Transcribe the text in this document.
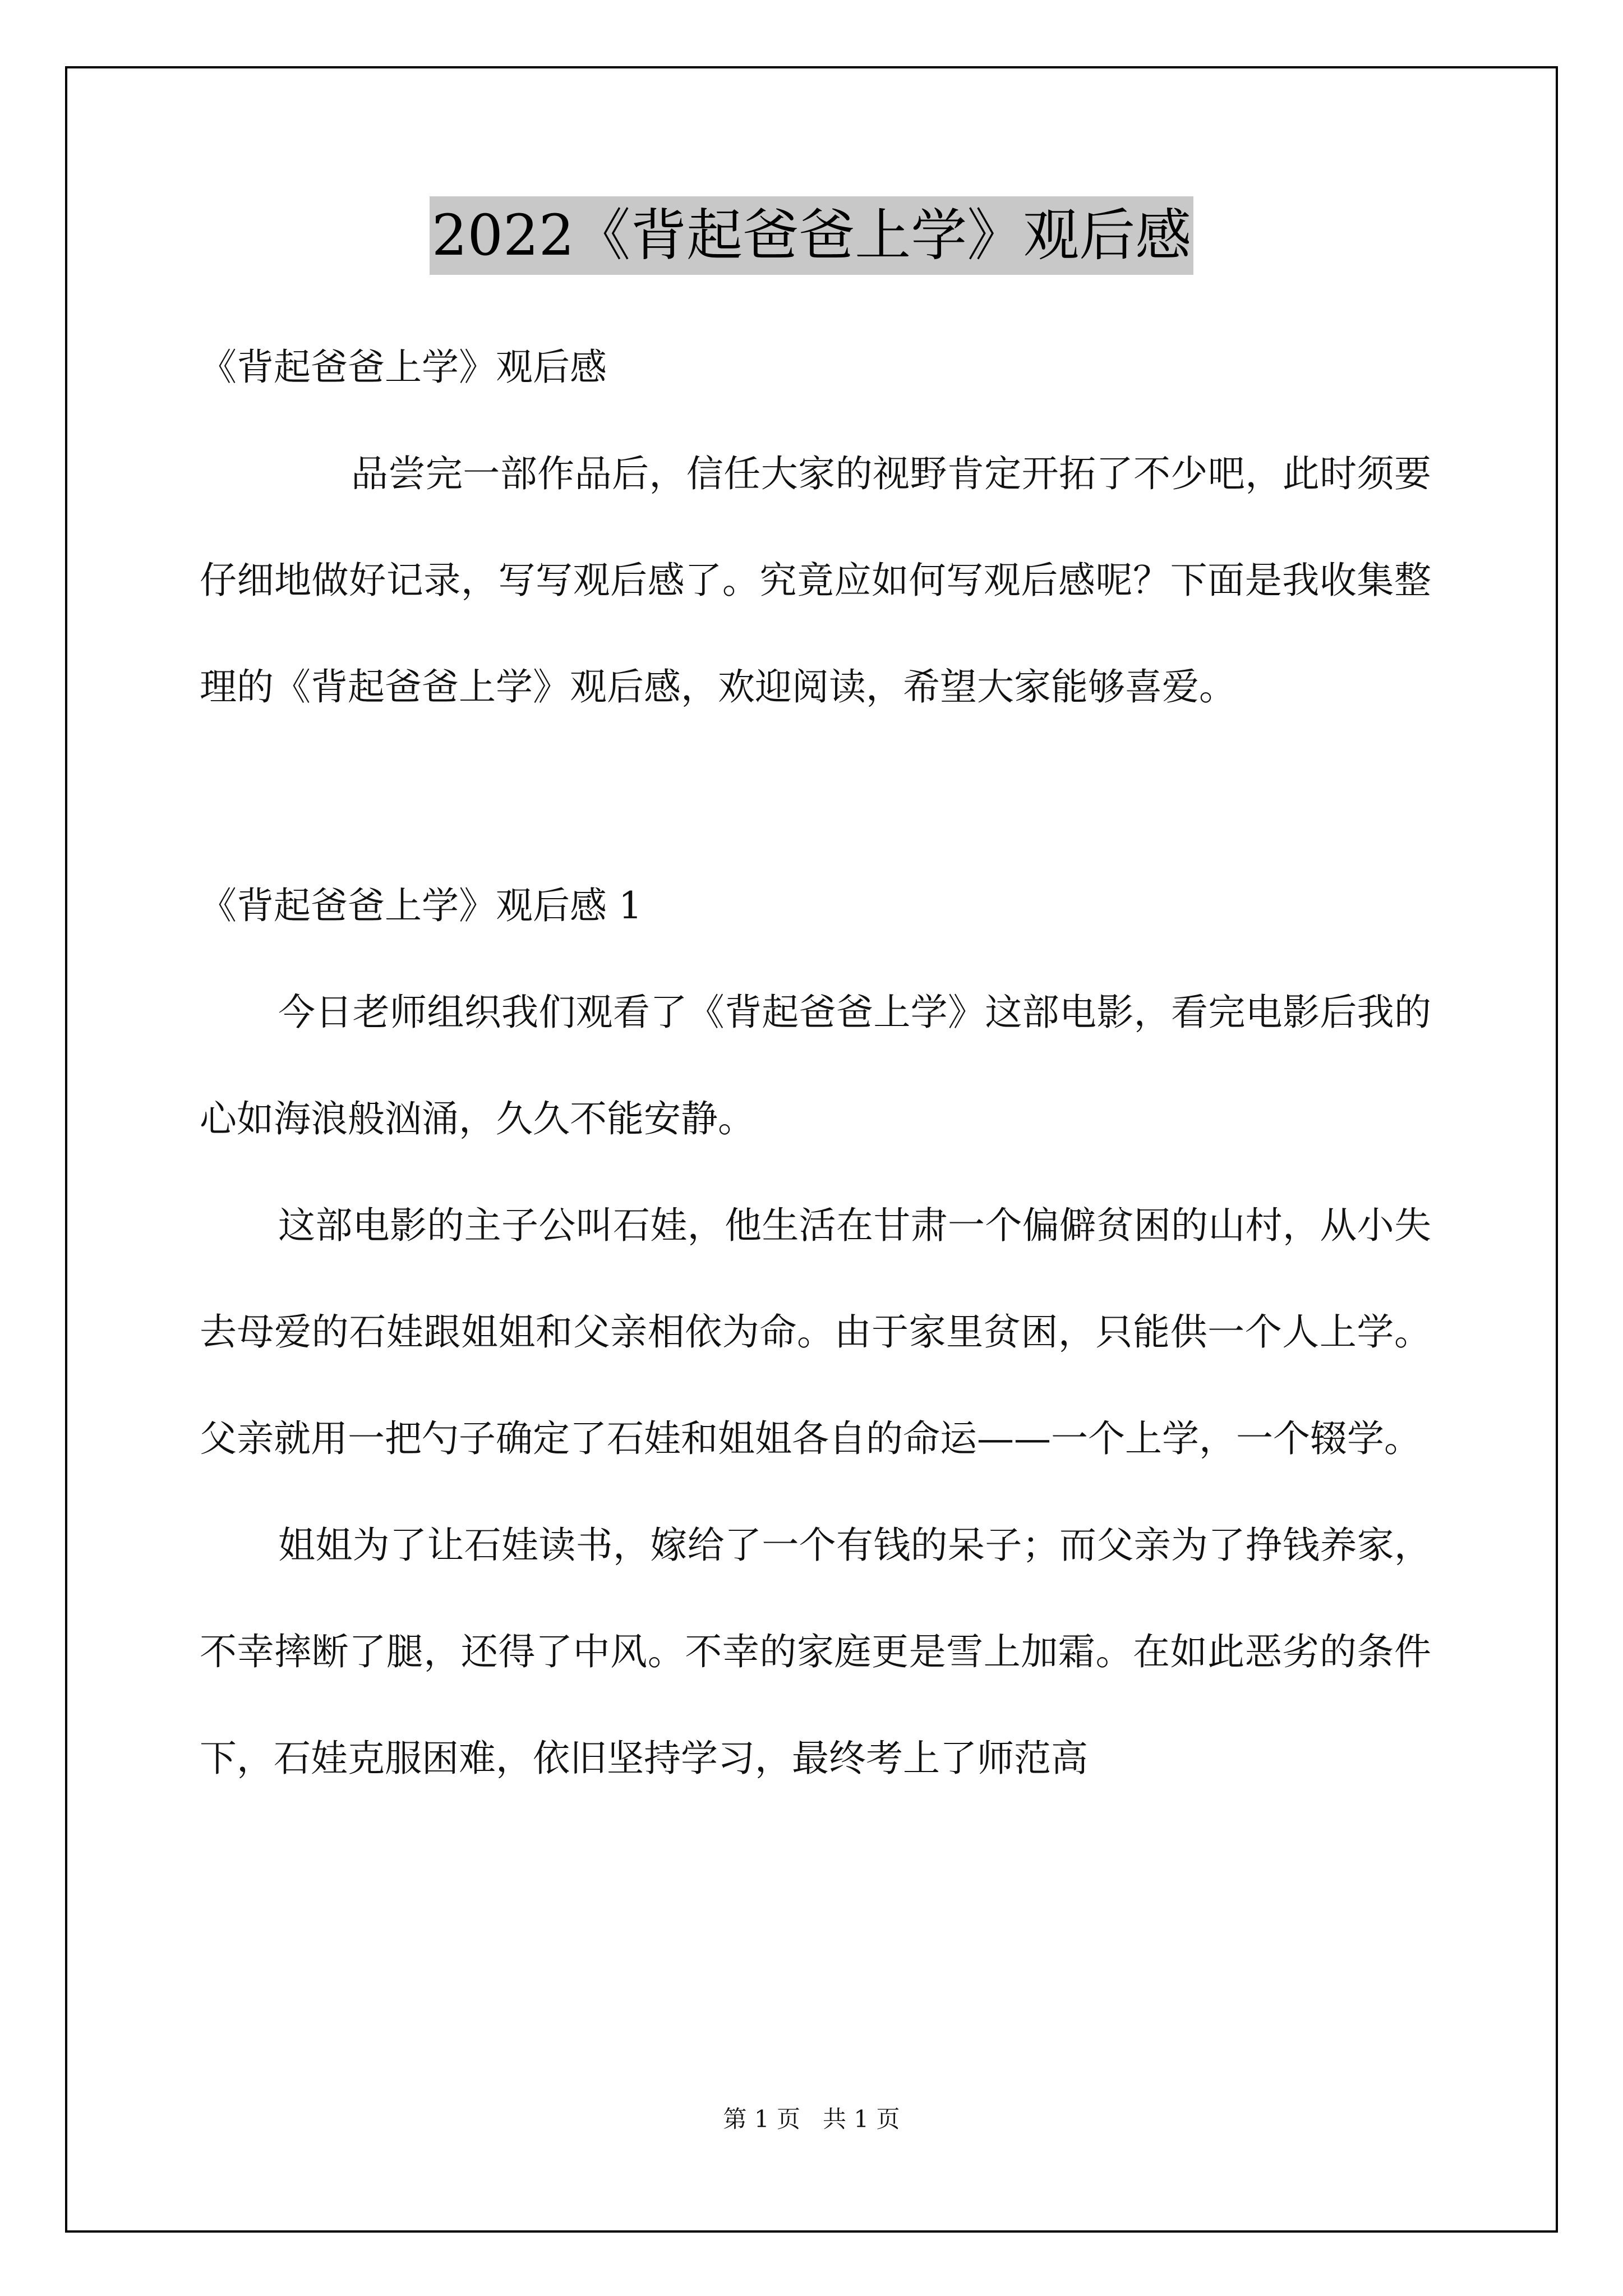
2022《背起爸爸上学》观后感

《背起爸爸上学》观后感

品尝完一部作品后，信任大家的视野肯定开拓了不少吧，此时须要仔细地做好记录，写写观后感了。究竟应如何写观后感呢？下面是我收集整理的《背起爸爸上学》观后感，欢迎阅读，希望大家能够喜爱。

《背起爸爸上学》观后感 1

今日老师组织我们观看了《背起爸爸上学》这部电影，看完电影后我的心如海浪般汹涌，久久不能安静。

这部电影的主子公叫石娃，他生活在甘肃一个偏僻贫困的山村，从小失去母爱的石娃跟姐姐和父亲相依为命。由于家里贫困，只能供一个人上学。父亲就用一把勺子确定了石娃和姐姐各自的命运——一个上学，一个辍学。

姐姐为了让石娃读书，嫁给了一个有钱的呆子；而父亲为了挣钱养家，不幸摔断了腿，还得了中风。不幸的家庭更是雪上加霜。在如此恶劣的条件下，石娃克服困难，依旧坚持学习，最终考上了师范高

第 1 页   共 1 页
